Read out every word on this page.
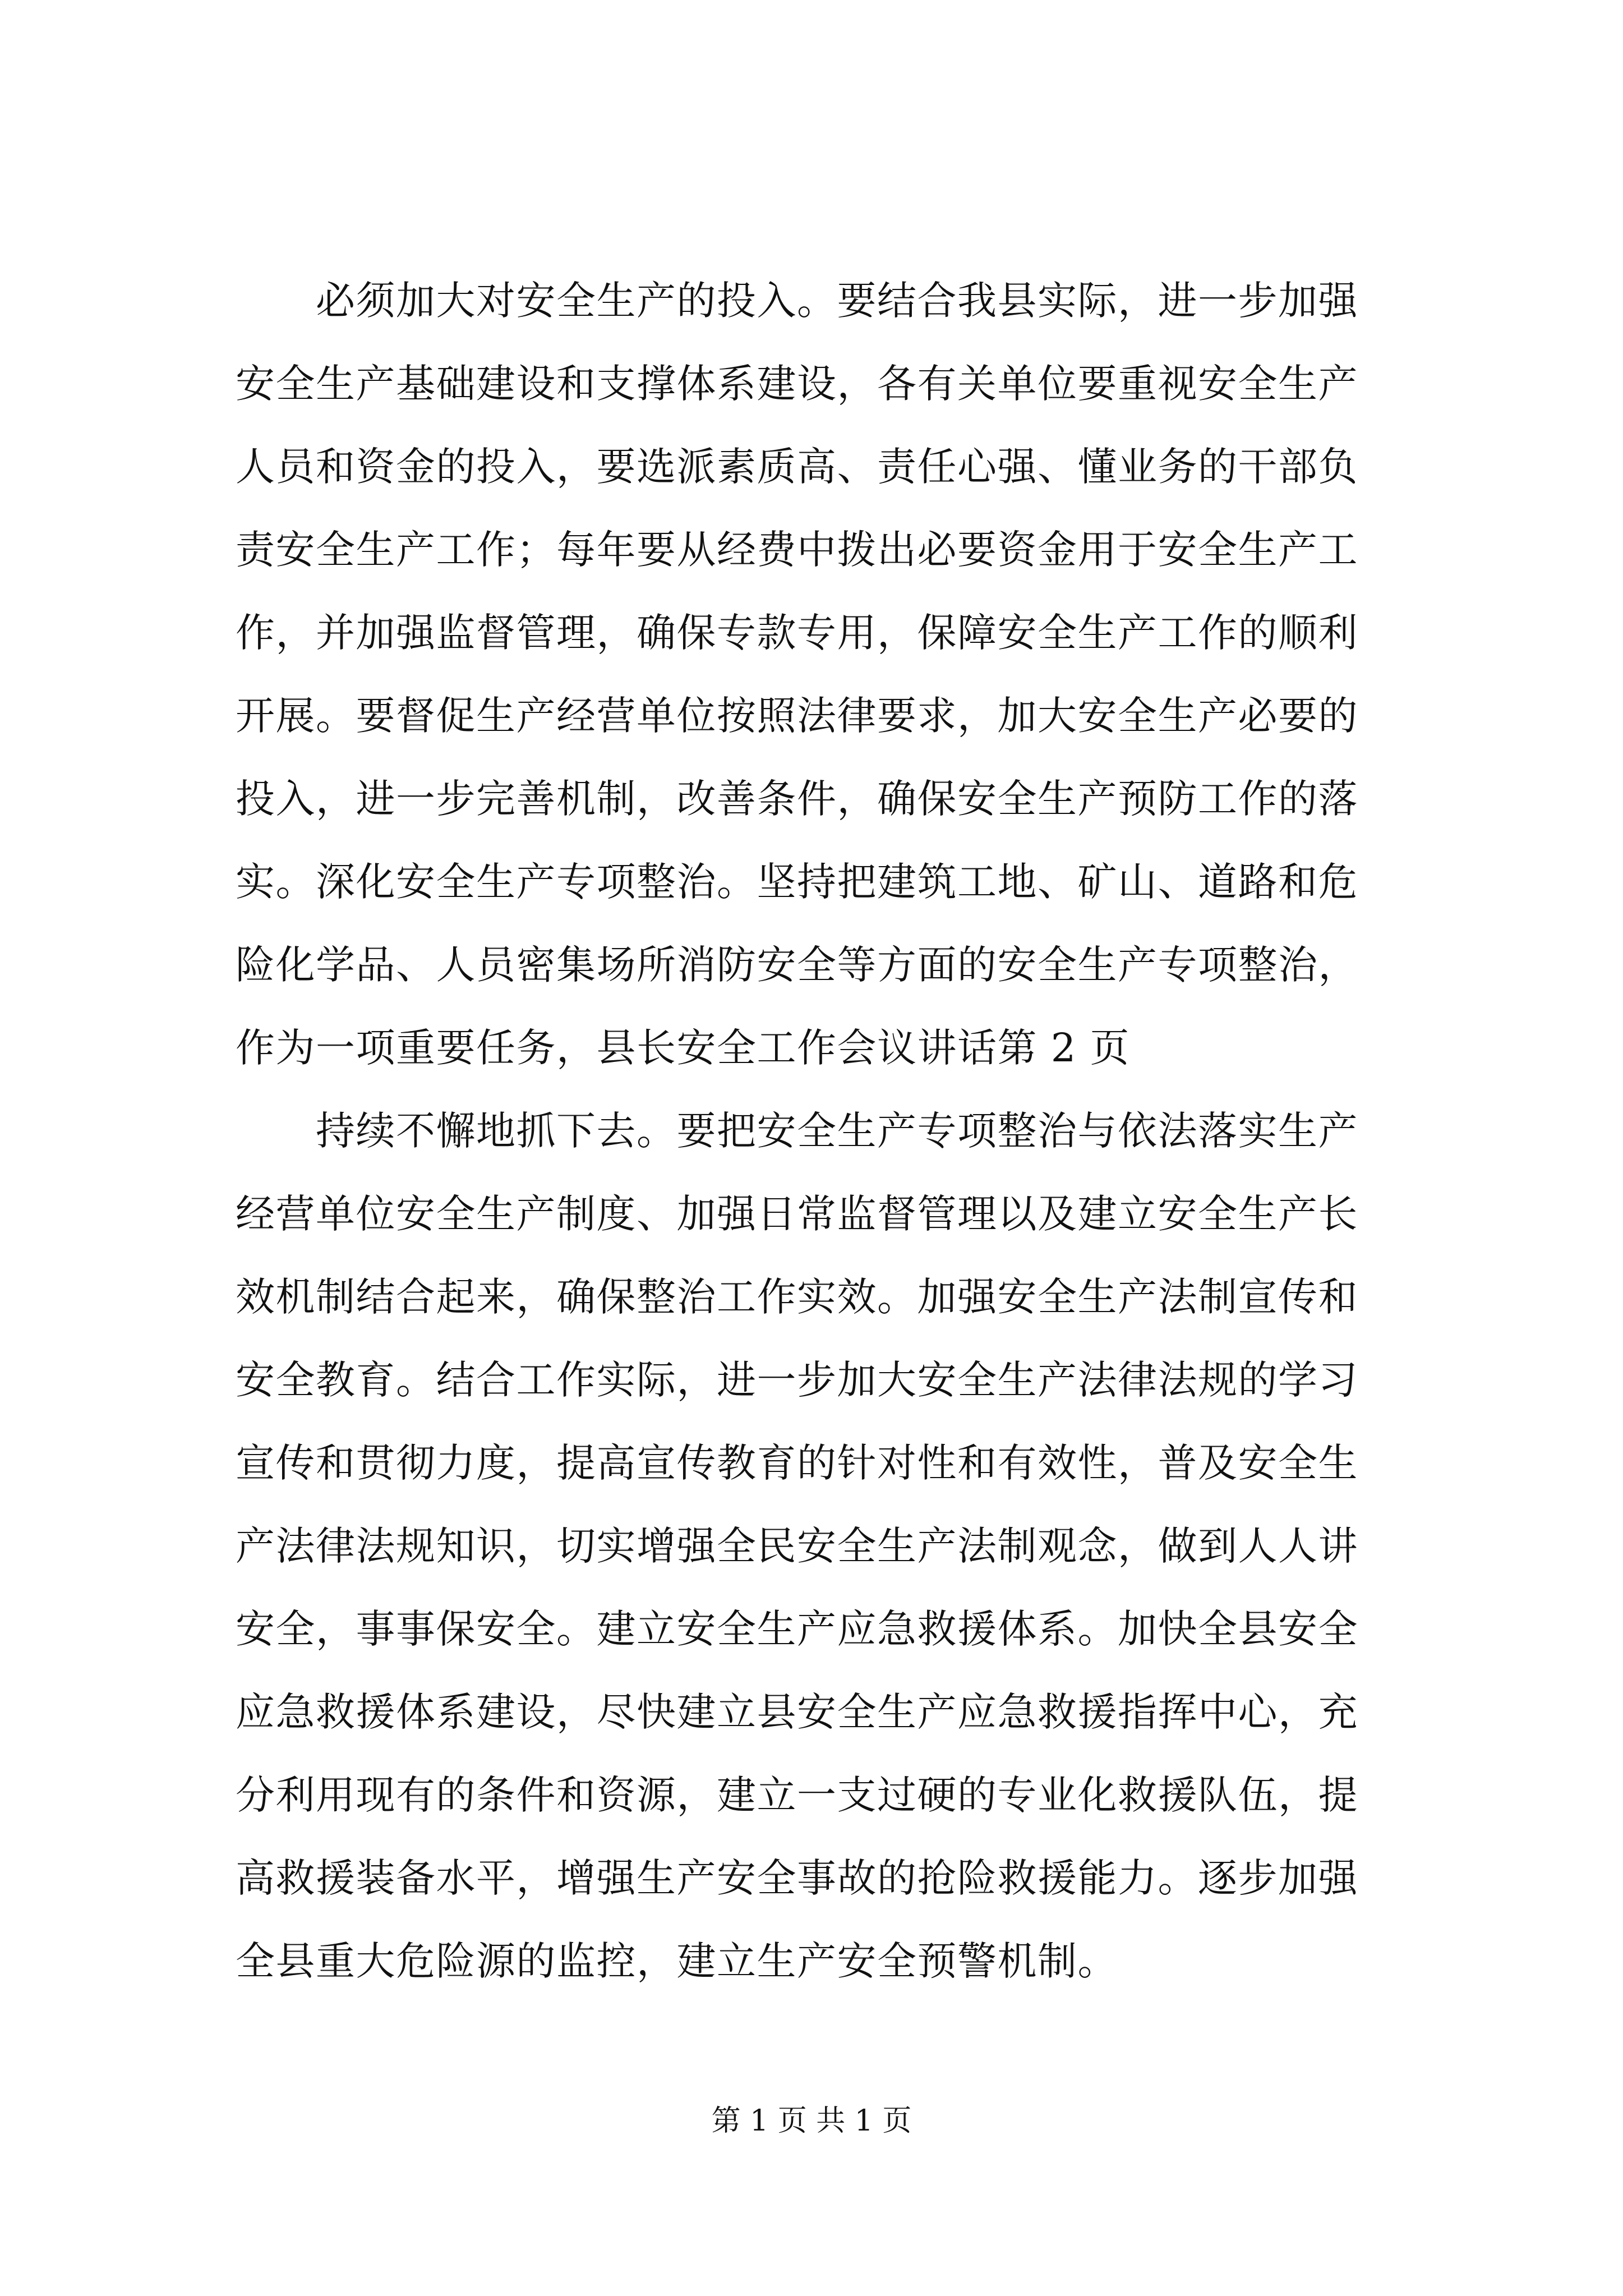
　　必须加大对安全生产的投入。要结合我县实际，进一步加强
安全生产基础建设和支撑体系建设，各有关单位要重视安全生产
人员和资金的投入，要选派素质高、责任心强、懂业务的干部负
责安全生产工作；每年要从经费中拨出必要资金用于安全生产工
作，并加强监督管理，确保专款专用，保障安全生产工作的顺利
开展。要督促生产经营单位按照法律要求，加大安全生产必要的
投入，进一步完善机制，改善条件，确保安全生产预防工作的落
实。深化安全生产专项整治。坚持把建筑工地、矿山、道路和危
险化学品、人员密集场所消防安全等方面的安全生产专项整治，
作为一项重要任务，县长安全工作会议讲话第 2 页
　　持续不懈地抓下去。要把安全生产专项整治与依法落实生产
经营单位安全生产制度、加强日常监督管理以及建立安全生产长
效机制结合起来，确保整治工作实效。加强安全生产法制宣传和
安全教育。结合工作实际，进一步加大安全生产法律法规的学习
宣传和贯彻力度，提高宣传教育的针对性和有效性，普及安全生
产法律法规知识，切实增强全民安全生产法制观念，做到人人讲
安全，事事保安全。建立安全生产应急救援体系。加快全县安全
应急救援体系建设，尽快建立县安全生产应急救援指挥中心，充
分利用现有的条件和资源，建立一支过硬的专业化救援队伍，提
高救援装备水平，增强生产安全事故的抢险救援能力。逐步加强
全县重大危险源的监控，建立生产安全预警机制。
第 1 页 共 1 页
